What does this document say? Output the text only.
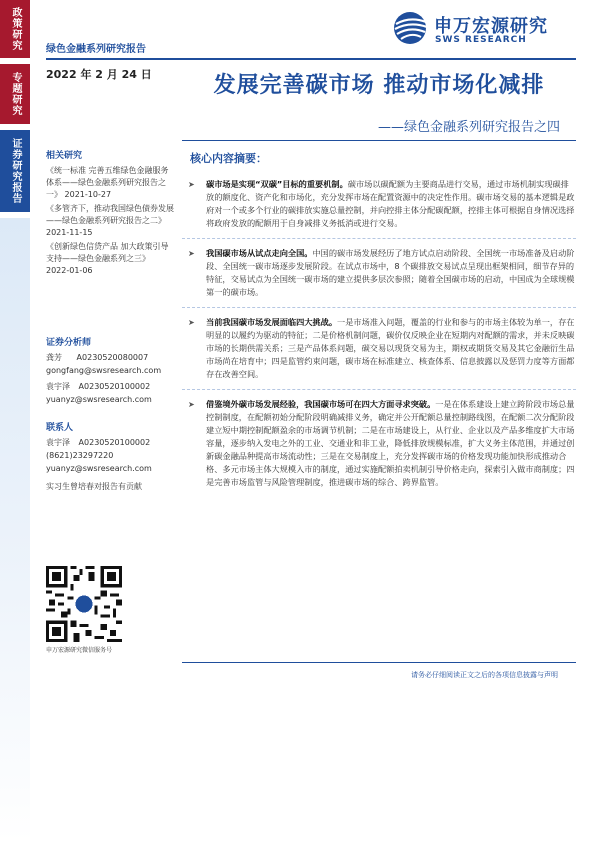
政策研究
专题研究
证券研究报告
绿色金融系列研究报告
申万宏源研究
SWS RESEARCH
2022 年 2 月 24 日	发展完善碳市场 推动市场化减排
——绿色金融系列研究报告之四
相关研究
《统一标准 完善五维绿色金融服务体系——绿色金融系列研究报告之一》 2021-10-27
《多管齐下，推动我国绿色债券发展——绿色金融系列研究报告之二》 2021-11-15
《创新绿色信贷产品 加大政策引导支持——绿色金融系列之三》 2022-01-06
证券分析师
龚芳 A0230520080007
gongfang@swsresearch.com
袁宇泽 A0230520100002
yuanyz@swsresearch.com
联系人
袁宇泽 A0230520100002
(8621)23297220
yuanyz@swsresearch.com
实习生曾培春对报告有贡献
申万宏源研究微信服务号
核心内容摘要：
➤ 碳市场是实现“双碳”目标的重要机制。碳市场以碳配额为主要商品进行交易，通过市场机制实现碳排放的额度化、资产化和市场化，充分发挥市场在配置资源中的决定性作用。碳市场交易的基本逻辑是政府对一个或多个行业的碳排放实施总量控制，并向控排主体分配碳配额，控排主体可根据自身情况选择将政府发放的配额用于自身减排义务抵消或进行交易。
➤ 我国碳市场从试点走向全国。中国的碳市场发展经历了地方试点启动阶段、全国统一市场准备及启动阶段、全国统一碳市场逐步发展阶段。在试点市场中，8 个碳排放交易试点呈现出框架相同，细节存异的特征，交易试点为全国统一碳市场的建立提供多层次参照；随着全国碳市场的启动，中国成为全球规模第一的碳市场。
➤ 当前我国碳市场发展面临四大挑战。一是市场准入问题，覆盖的行业和参与的市场主体较为单一，存在明显的以履约为驱动的特征；二是价格机制问题，碳价仅反映企业在短期内对配额的需求，并未反映碳市场的长期供需关系；三是产品体系问题，碳交易以现货交易为主，期权或期货交易及其它金融衍生品市场尚在培育中；四是监管约束问题，碳市场在标准建立、核查体系、信息披露以及惩罚力度等方面都存在改善空间。
➤ 借鉴境外碳市场发展经验，我国碳市场可在四大方面寻求突破。一是在体系建设上建立跨阶段市场总量控制制度，在配额初始分配阶段明确减排义务，确定并公开配额总量控制路线图，在配额二次分配阶段建立短中期控制配额盈余的市场调节机制；二是在市场建设上，从行业、企业以及产品多维度扩大市场容量，逐步纳入发电之外的工业、交通业和非工业，降低排放规模标准，扩大义务主体范围，并通过创新碳金融品种提高市场流动性；三是在交易制度上，充分发挥碳市场的价格发现功能加快形成推动合格、多元市场主体大规模入市的制度，通过实施配额拍卖机制引导价格走向，探索引入做市商制度；四是完善市场监管与风险管理制度，推进碳市场的综合、跨界监管。
请务必仔细阅读正文之后的各项信息披露与声明
